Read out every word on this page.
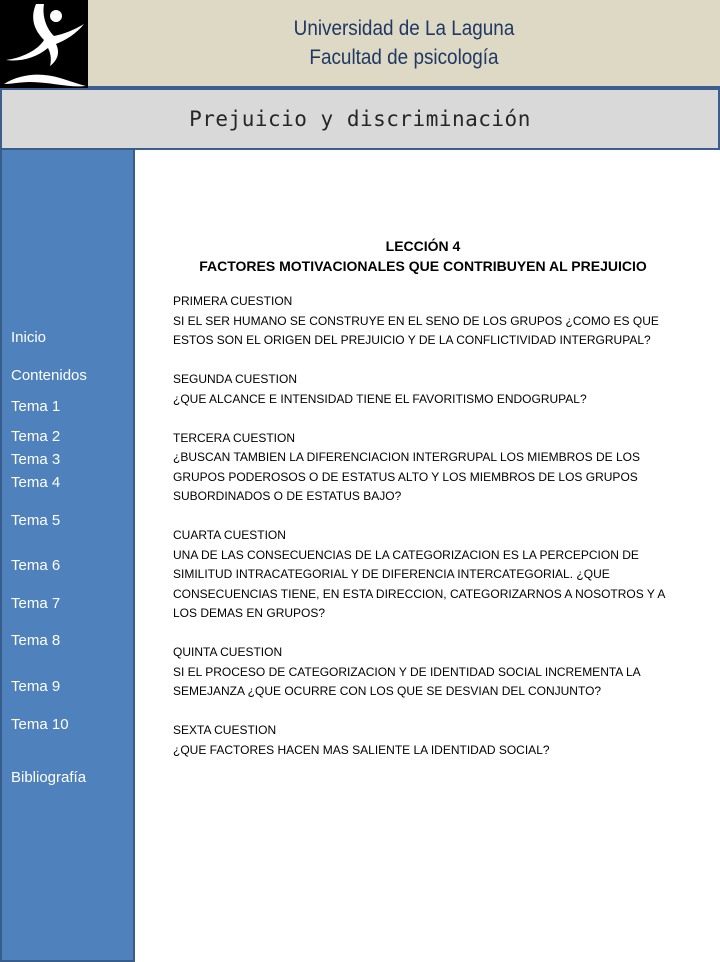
Universidad de La Laguna
Facultad de psicología
Prejuicio y discriminación
Inicio
Contenidos
Tema 1
Tema 2
Tema 3
Tema 4
Tema 5
Tema 6
Tema 7
Tema 8
Tema 9
Tema 10
Bibliografía
LECCIÓN 4
FACTORES MOTIVACIONALES QUE CONTRIBUYEN AL PREJUICIO
PRIMERA CUESTION
SI EL SER HUMANO SE CONSTRUYE EN EL SENO DE LOS GRUPOS ¿COMO ES QUE ESTOS SON EL ORIGEN DEL PREJUICIO Y DE LA CONFLICTIVIDAD INTERGRUPAL?
SEGUNDA CUESTION
¿QUE ALCANCE E INTENSIDAD TIENE EL FAVORITISMO ENDOGRUPAL?
TERCERA CUESTION
¿BUSCAN TAMBIEN LA DIFERENCIACION INTERGRUPAL LOS MIEMBROS DE LOS GRUPOS PODEROSOS O DE ESTATUS ALTO Y LOS MIEMBROS DE LOS GRUPOS SUBORDINADOS O DE ESTATUS BAJO?
CUARTA CUESTION
UNA DE LAS CONSECUENCIAS DE LA CATEGORIZACION ES LA PERCEPCION DE SIMILITUD INTRACATEGORIAL Y DE DIFERENCIA INTERCATEGORIAL. ¿QUE CONSECUENCIAS TIENE, EN ESTA DIRECCION, CATEGORIZARNOS A NOSOTROS Y A LOS DEMAS EN GRUPOS?
QUINTA CUESTION
SI EL PROCESO DE CATEGORIZACION Y DE IDENTIDAD SOCIAL INCREMENTA LA SEMEJANZA ¿QUE OCURRE CON LOS QUE SE DESVIAN DEL CONJUNTO?
SEXTA CUESTION
¿QUE FACTORES HACEN MAS SALIENTE LA IDENTIDAD SOCIAL?
